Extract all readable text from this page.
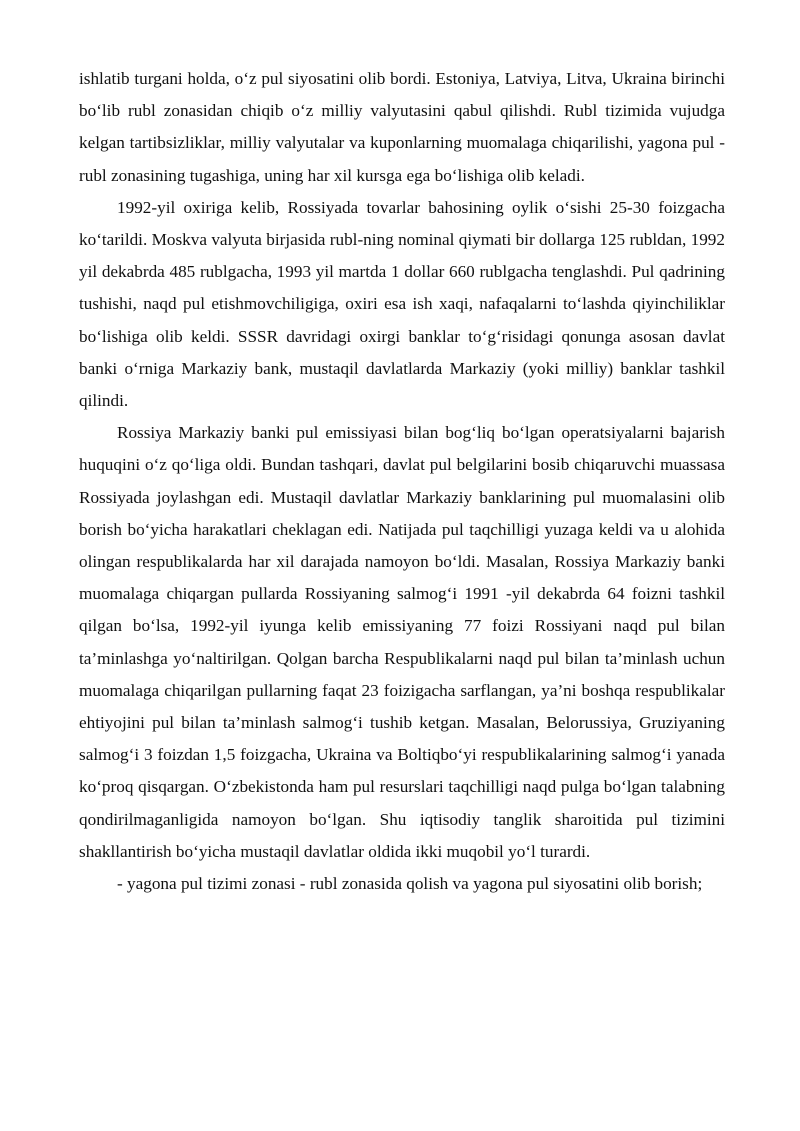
ishlatib turgani holda, o‘z pul siyosatini olib bordi. Estoniya, Latviya, Litva, Ukraina birinchi bo‘lib rubl zonasidan chiqib o‘z milliy valyutasini qabul qilishdi. Rubl tizimida vujudga kelgan tartibsizliklar, milliy valyutalar va kuponlarning muomalaga chiqarilishi, yagona pul - rubl zonasining tugashiga, uning har xil kursga ega bo‘lishiga olib keladi.

1992-yil oxiriga kelib, Rossiyada tovarlar bahosining oylik o‘sishi 25-30 foizgacha ko‘tarildi. Moskva valyuta birjasida rubl-ning nominal qiymati bir dollarga 125 rubldan, 1992 yil dekabrda 485 rublgacha, 1993 yil martda 1 dollar 660 rublgacha tenglashdi. Pul qadrining tushishi, naqd pul etishmovchiligiga, oxiri esa ish xaqi, nafaqalarni to‘lashda qiyinchiliklar bo‘lishiga olib keldi. SSSR davridagi oxirgi banklar to‘g‘risidagi qonunga asosan davlat banki o‘rniga Markaziy bank, mustaqil davlatlarda Markaziy (yoki milliy) banklar tashkil qilindi.

Rossiya Markaziy banki pul emissiyasi bilan bog‘liq bo‘lgan operatsiyalarni bajarish huquqini o‘z qo‘liga oldi. Bundan tashqari, davlat pul belgilarini bosib chiqaruvchi muassasa Rossiyada joylashgan edi. Mustaqil davlatlar Markaziy banklarining pul muomalasini olib borish bo‘yicha harakatlari cheklagan edi. Natijada pul taqchilligi yuzaga keldi va u alohida olingan respublikalarda har xil darajada namoyon bo‘ldi. Masalan, Rossiya Markaziy banki muomalaga chiqargan pullarda Rossiyaning salmog‘i 1991 -yil dekabrda 64 foizni tashkil qilgan bo‘lsa, 1992-yil iyunga kelib emissiyaning 77 foizi Rossiyani naqd pul bilan ta’minlashga yo‘naltirilgan. Qolgan barcha Respublikalarni naqd pul bilan ta’minlash uchun muomalaga chiqarilgan pullarning faqat 23 foizigacha sarflangan, ya’ni boshqa respublikalar ehtiyojini pul bilan ta’minlash salmog‘i tushib ketgan. Masalan, Belorussiya, Gruziyaning salmog‘i 3 foizdan 1,5 foizgacha, Ukraina va Boltiqbo‘yi respublikalarining salmog‘i yanada ko‘proq qisqargan. O‘zbekistonda ham pul resurslari taqchilligi naqd pulga bo‘lgan talabning qondirilmaganligida namoyon bo‘lgan. Shu iqtisodiy tanglik sharoitida pul tizimini shakllantirish bo‘yicha mustaqil davlatlar oldida ikki muqobil yo‘l turardi.

- yagona pul tizimi zonasi - rubl zonasida qolish va yagona pul siyosatini olib borish;
